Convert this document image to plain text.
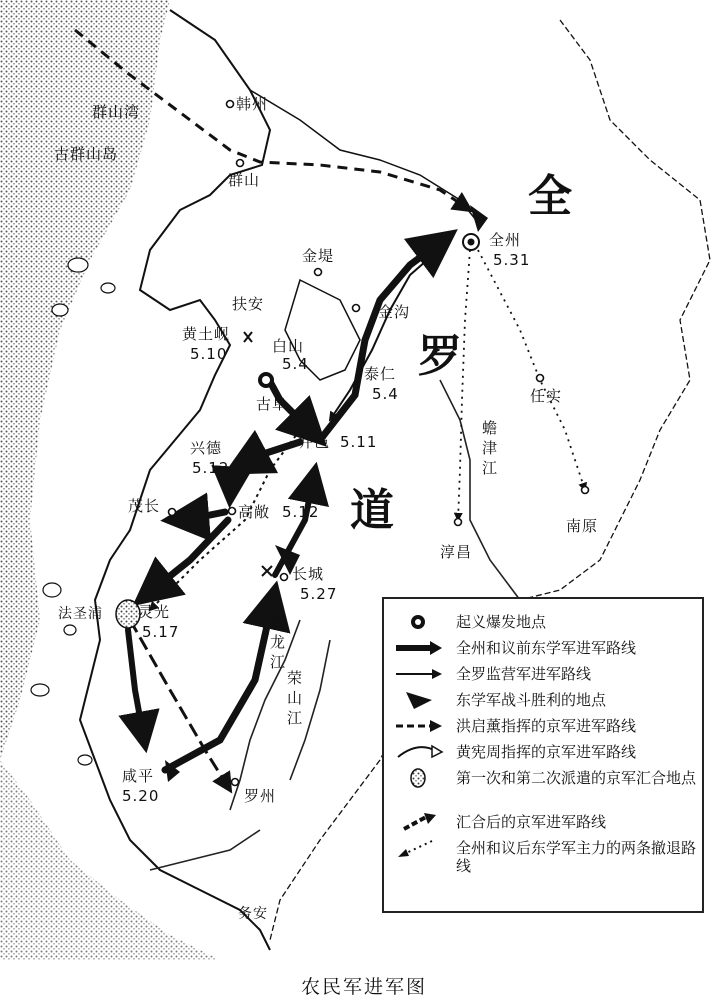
全
罗
道
群山湾
古群山岛
韩州
群山
全州
5.31
金堤
金沟
扶安
黄土岘
5.10	白山
5.4
古阜
泰仁
5.4	任实
井邑 5.11
兴德
5.12
茂长	高敞 5.12
淳昌
南原
长城
5.27
法圣浦 灵光
5.17
咸平
5.20	罗州
务安
黄龙江
荣山江
蟾津江
起义爆发地点
全州和议前东学军进军路线
全罗监营军进军路线
东学军战斗胜利的地点
洪启薰指挥的京军进军路线
黄宪周指挥的京军进军路线
第一次和第二次派遣的京军汇合地点
汇合后的京军进军路线
全州和议后东学军主力的两条撤退路线
农民军进军图
